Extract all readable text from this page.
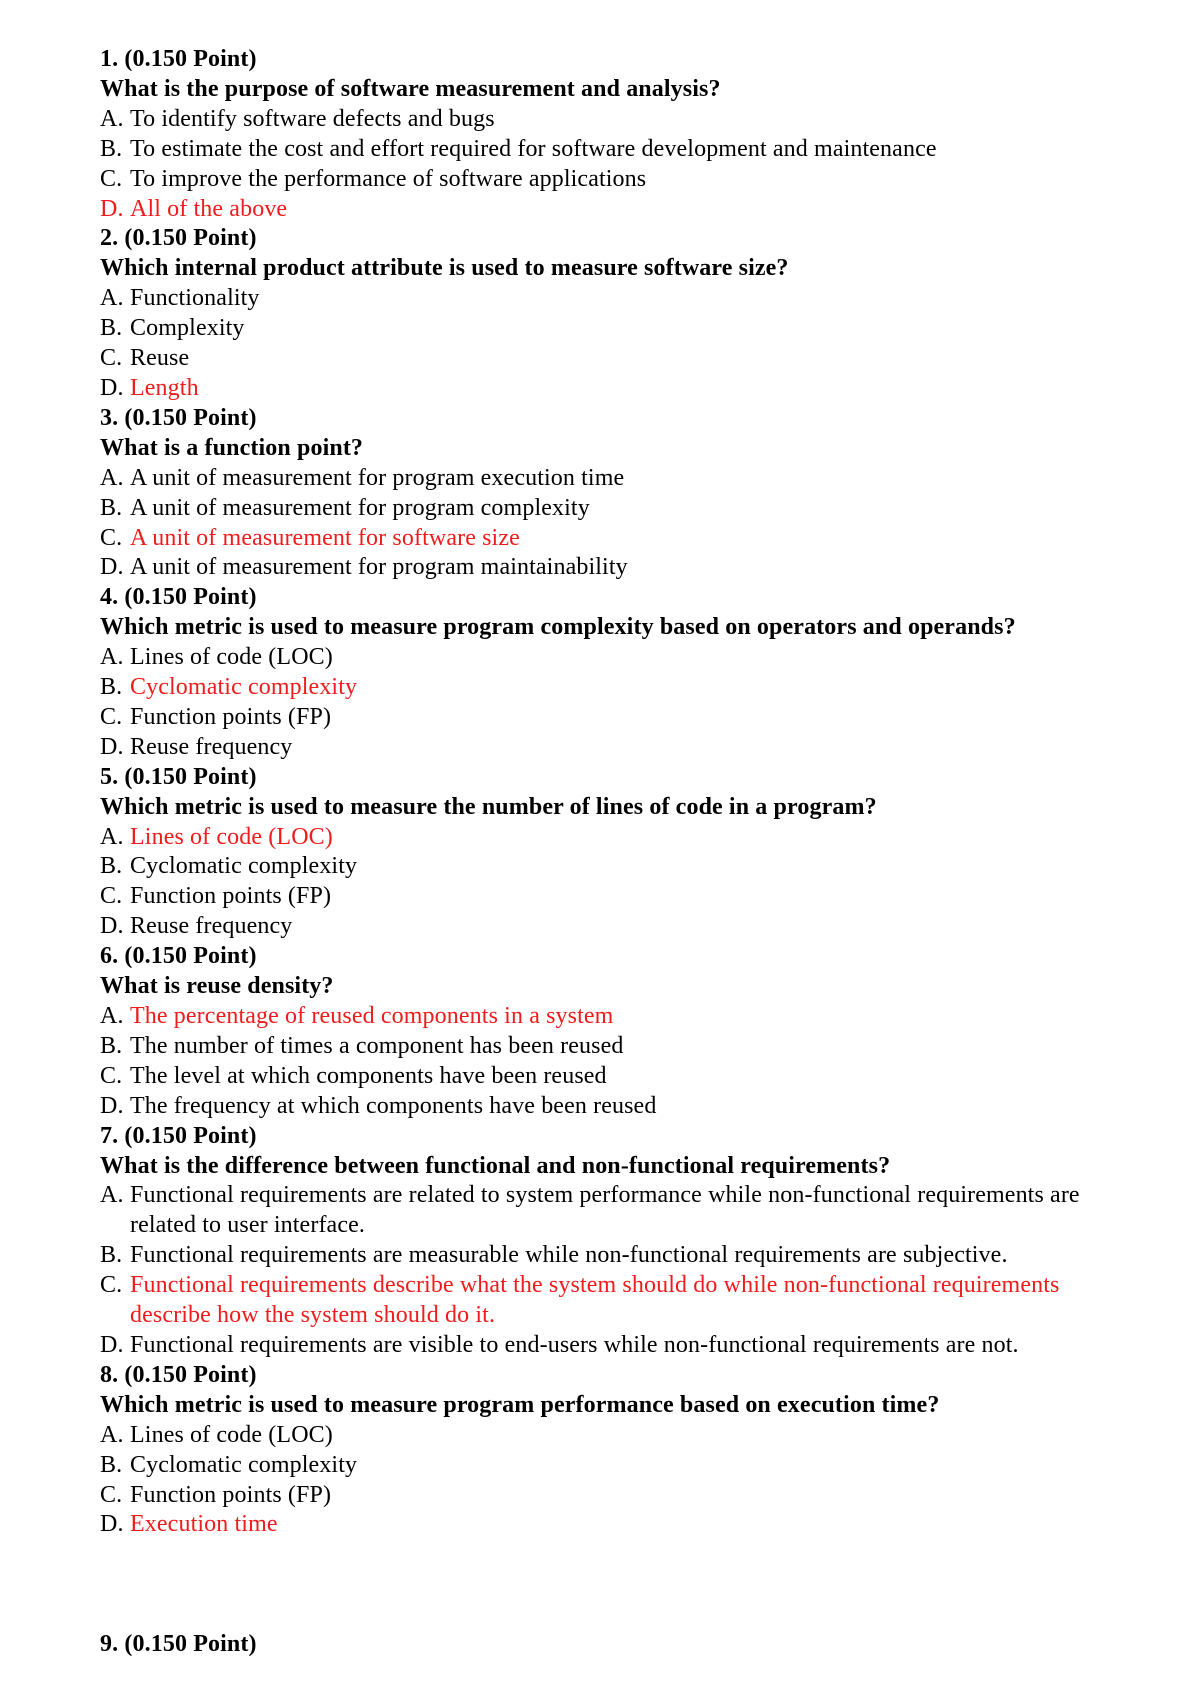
1. (0.150 Point)
What is the purpose of software measurement and analysis?
A. To identify software defects and bugs
B. To estimate the cost and effort required for software development and maintenance
C. To improve the performance of software applications
D. All of the above
2. (0.150 Point)
Which internal product attribute is used to measure software size?
A. Functionality
B. Complexity
C. Reuse
D. Length
3. (0.150 Point)
What is a function point?
A. A unit of measurement for program execution time
B. A unit of measurement for program complexity
C. A unit of measurement for software size
D. A unit of measurement for program maintainability
4. (0.150 Point)
Which metric is used to measure program complexity based on operators and operands?
A. Lines of code (LOC)
B. Cyclomatic complexity
C. Function points (FP)
D. Reuse frequency
5. (0.150 Point)
Which metric is used to measure the number of lines of code in a program?
A. Lines of code (LOC)
B. Cyclomatic complexity
C. Function points (FP)
D. Reuse frequency
6. (0.150 Point)
What is reuse density?
A. The percentage of reused components in a system
B. The number of times a component has been reused
C. The level at which components have been reused
D. The frequency at which components have been reused
7. (0.150 Point)
What is the difference between functional and non-functional requirements?
A. Functional requirements are related to system performance while non-functional requirements are
related to user interface.
B. Functional requirements are measurable while non-functional requirements are subjective.
C. Functional requirements describe what the system should do while non-functional requirements
describe how the system should do it.
D. Functional requirements are visible to end-users while non-functional requirements are not.
8. (0.150 Point)
Which metric is used to measure program performance based on execution time?
A. Lines of code (LOC)
B. Cyclomatic complexity
C. Function points (FP)
D. Execution time
9. (0.150 Point)
